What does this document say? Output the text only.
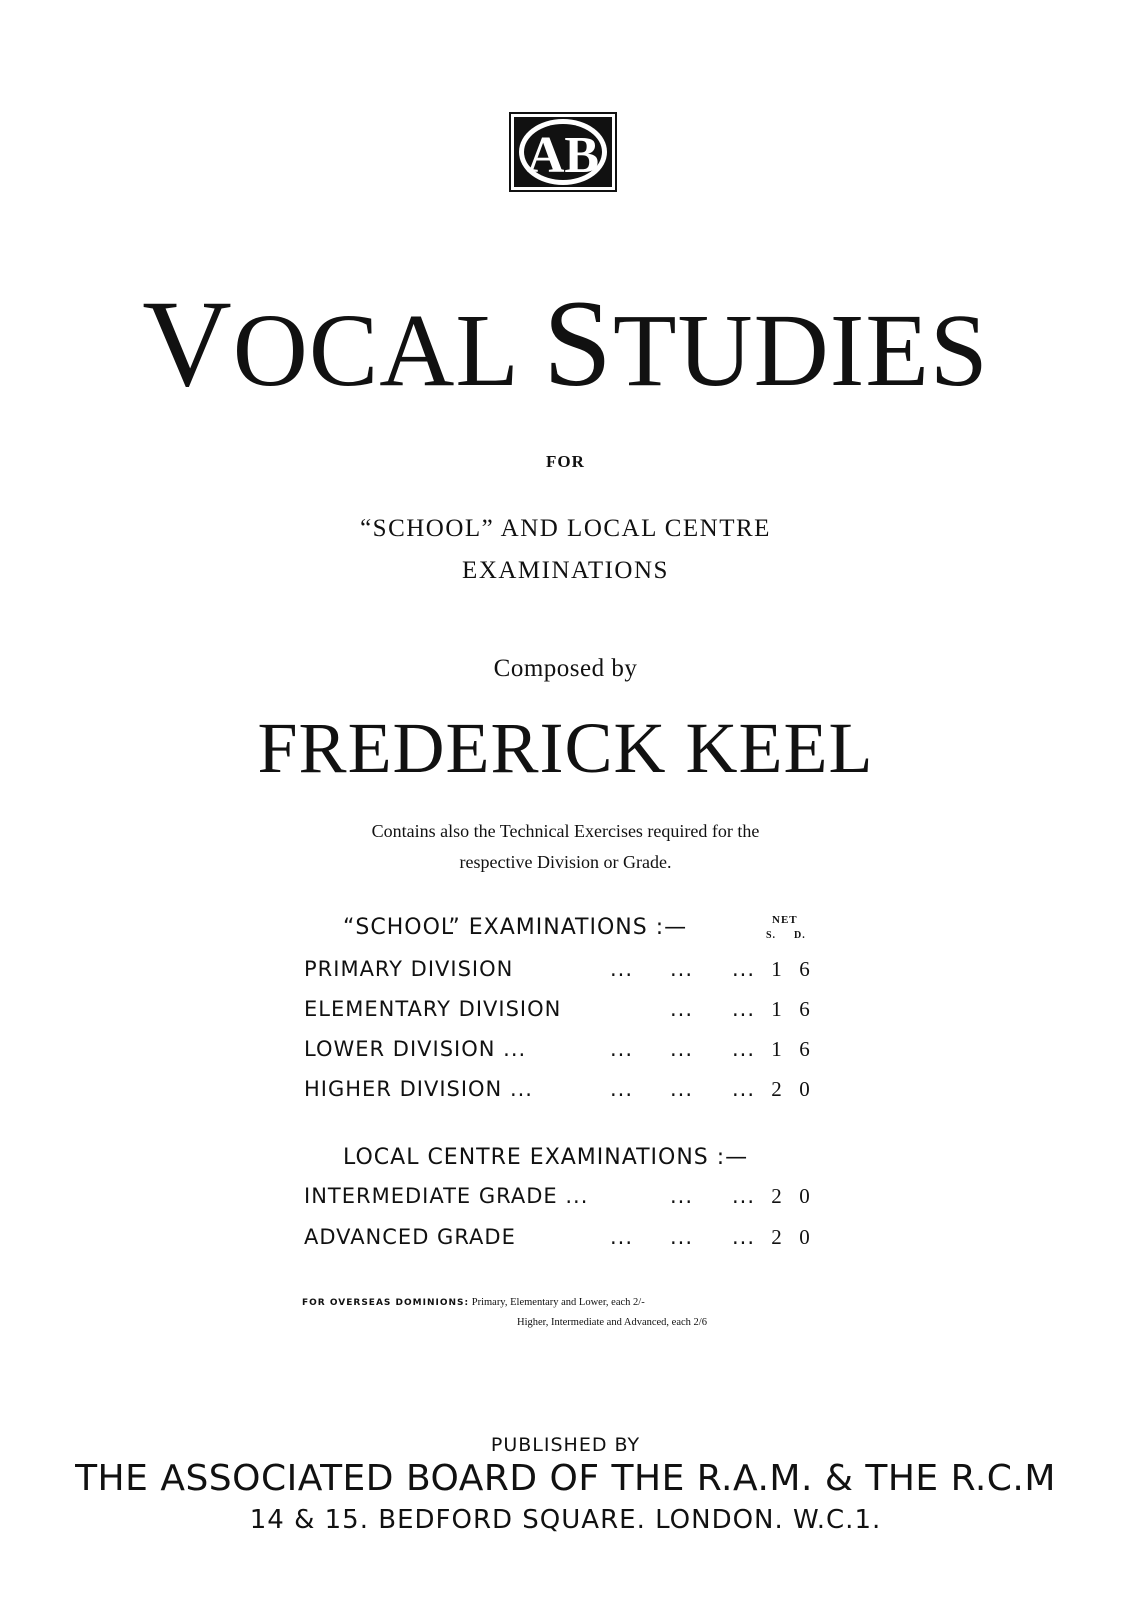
AB
VOCAL STUDIES
FOR
“SCHOOL” AND LOCAL CENTRE
EXAMINATIONS
Composed by
FREDERICK KEEL
Contains also the Technical Exercises required for the
respective Division or Grade.
“SCHOOL” EXAMINATIONS :—	NET
S. D.
PRIMARY DIVISION	... ... ... 1 6
ELEMENTARY DIVISION	... ... 1 6
LOWER DIVISION ...	... ... ... 1 6
HIGHER DIVISION ...	... ... ... 2 0
LOCAL CENTRE EXAMINATIONS :—
INTERMEDIATE GRADE ...	... ... 2 0
ADVANCED GRADE	... ... ... 2 0
FOR OVERSEAS DOMINIONS: Primary, Elementary and Lower, each 2/-
Higher, Intermediate and Advanced, each 2/6
PUBLISHED BY
THE ASSOCIATED BOARD OF THE R.A.M. & THE R.C.M
14 & 15. BEDFORD SQUARE. LONDON. W.C.1.
